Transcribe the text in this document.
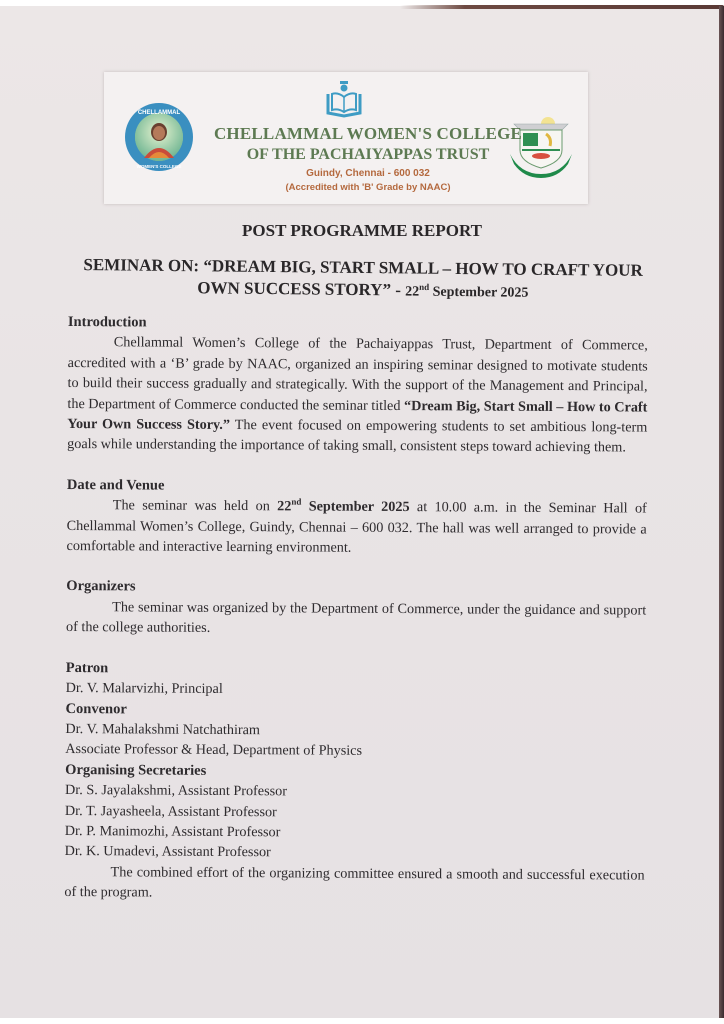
CHELLAMMAL
WOMEN'S COLLEGE
CHELLAMMAL WOMEN'S COLLEGE
OF THE PACHAIYAPPAS TRUST
Guindy, Chennai - 600 032
(Accredited with 'B' Grade by NAAC)
POST PROGRAMME REPORT
SEMINAR ON: “DREAM BIG, START SMALL – HOW TO CRAFT YOUR
OWN SUCCESS STORY” - 22nd September 2025

Introduction

Chellammal Women’s College of the Pachaiyappas Trust, Department of Commerce, accredited with a ‘B’ grade by NAAC, organized an inspiring seminar designed to motivate students to build their success gradually and strategically. With the support of the Management and Principal, the Department of Commerce conducted the seminar titled “Dream Big, Start Small – How to Craft Your Own Success Story.” The event focused on empowering students to set ambitious long-term goals while understanding the importance of taking small, consistent steps toward achieving them.

Date and Venue

The seminar was held on 22nd September 2025 at 10.00 a.m. in the Seminar Hall of Chellammal Women’s College, Guindy, Chennai – 600 032. The hall was well arranged to provide a comfortable and interactive learning environment.

Organizers

The seminar was organized by the Department of Commerce, under the guidance and support of the college authorities.

Patron

Dr. V. Malarvizhi, Principal

Convenor

Dr. V. Mahalakshmi Natchathiram

Associate Professor & Head, Department of Physics

Organising Secretaries

Dr. S. Jayalakshmi, Assistant Professor

Dr. T. Jayasheela, Assistant Professor

Dr. P. Manimozhi, Assistant Professor

Dr. K. Umadevi, Assistant Professor

The combined effort of the organizing committee ensured a smooth and successful execution of the program.
